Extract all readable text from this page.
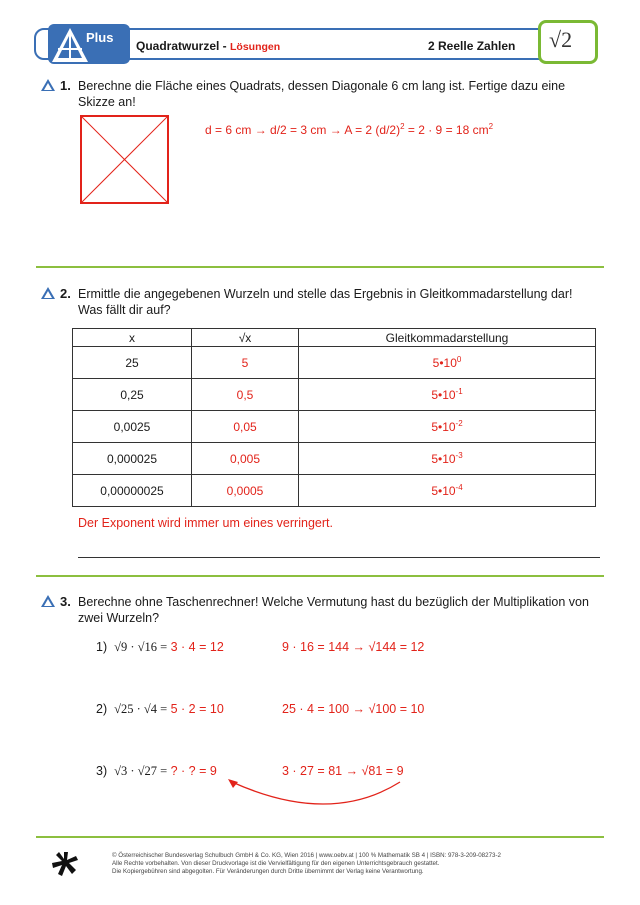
Plus
Quadratwurzel - Lösungen	2 Reelle Zahlen √2
1. Berechne die Fläche eines Quadrats, dessen Diagonale 6 cm lang ist. Fertige dazu eine
Skizze an!
d = 6 cm → d/2 = 3 cm → A = 2 $(d/2)^2 = 2 \cdot 9 = 18$ $cm^2$
2. Ermittle die angegebenen Wurzeln und stelle das Ergebnis in Gleitkommadarstellung dar!
Was fällt dir auf?
x	√x	Gleitkommadarstellung
25	5	$5•10^0$
0,25	0,5	$5•10^{-1}$
0,0025	0,05	$5•10^{-2}$
0,000025	0,005	$5•10^{-3}$
0,00000025	0,0005	$5•10^{-4}$
Der Exponent wird immer um eines verringert.
3. Berechne ohne Taschenrechner! Welche Vermutung hast du bezüglich der Multiplikation von
zwei Wurzeln?
1) √9 · √16 = 3 · 4 = 12	9 · 16 = 144 → √144 = 12
2) √25 · √4 = 5 · 2 = 10	25 · 4 = 100 → √100 = 10
3) √3 · √27 = ? · ? = 9	3 · 27 = 81 → √81 = 9
© Österreichischer Bundesverlag Schulbuch GmbH & Co. KG, Wien 2016 | www.oebv.at | 100 % Mathematik SB 4 | ISBN: 978-3-209-08273-2
Alle Rechte vorbehalten. Von dieser Druckvorlage ist die Vervielfältigung für den eigenen Unterrichtsgebrauch gestattet.
Die Kopiergebühren sind abgegolten. Für Veränderungen durch Dritte übernimmt der Verlag keine Verantwortung.
